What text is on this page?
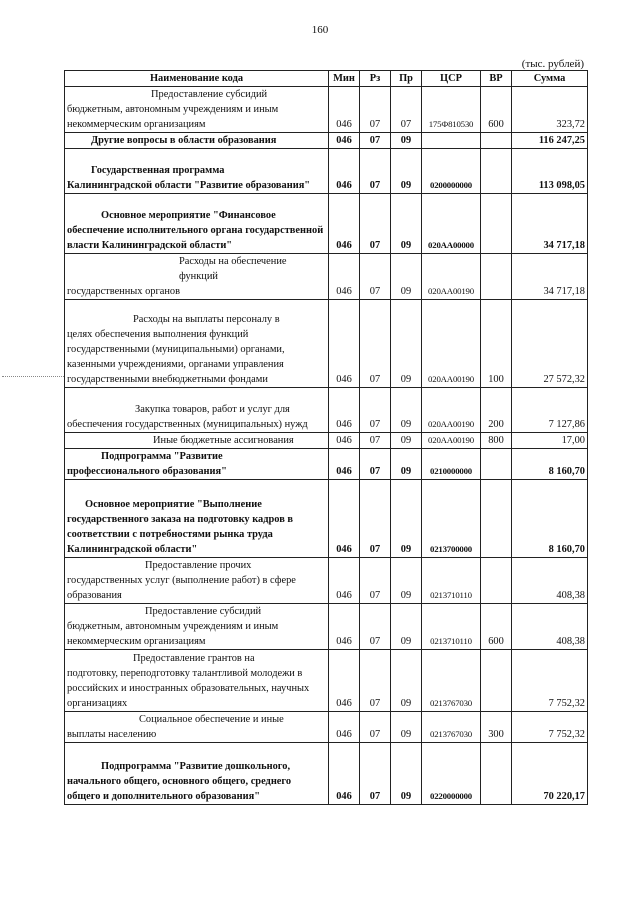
160
(тыс. рублей)
Наименование кода	Мин	Рз	Пр	ЦСР	ВР	Сумма

Предоставление субсидий
бюджетным, автономным учреждениям и иным некоммерческим организациям	046	07	07	175Ф810530	600	323,72

Другие вопросы в области образования	046	07	09			116 247,25

Государственная программа
Калининградской области "Развитие образования"	046	07	09	0200000000		113 098,05

Основное мероприятие "Финансовое
обеспечение исполнительного органа государственной власти Калининградской области"	046	07	09	020АА00000		34 717,18

Расходы на обеспечение функций
государственных органов	046	07	09	020АА00190		34 717,18

Расходы на выплаты персоналу в
целях обеспечения выполнения функций государственными (муниципальными) органами, казенными учреждениями, органами управления государственными внебюджетными фондами	046	07	09	020АА00190	100	27 572,32

Закупка товаров, работ и услуг для
обеспечения государственных (муниципальных) нужд	046	07	09	020АА00190	200	7 127,86

Иные бюджетные ассигнования	046	07	09	020АА00190	800	17,00

Подпрограмма "Развитие
профессионального образования"	046	07	09	0210000000		8 160,70

Основное мероприятие "Выполнение
государственного заказа на подготовку кадров в соответствии с потребностями рынка труда Калининградской области"	046	07	09	0213700000		8 160,70

Предоставление прочих
государственных услуг (выполнение работ) в сфере образования	046	07	09	0213710110		408,38

Предоставление субсидий
бюджетным, автономным учреждениям и иным некоммерческим организациям	046	07	09	0213710110	600	408,38

Предоставление грантов на
подготовку, переподготовку талантливой молодежи в российских и иностранных образовательных, научных организациях	046	07	09	0213767030		7 752,32

Социальное обеспечение и иные
выплаты населению	046	07	09	0213767030	300	7 752,32

Подпрограмма "Развитие дошкольного,
начального общего, основного общего, среднего общего и дополнительного образования"	046	07	09	0220000000		70 220,17
